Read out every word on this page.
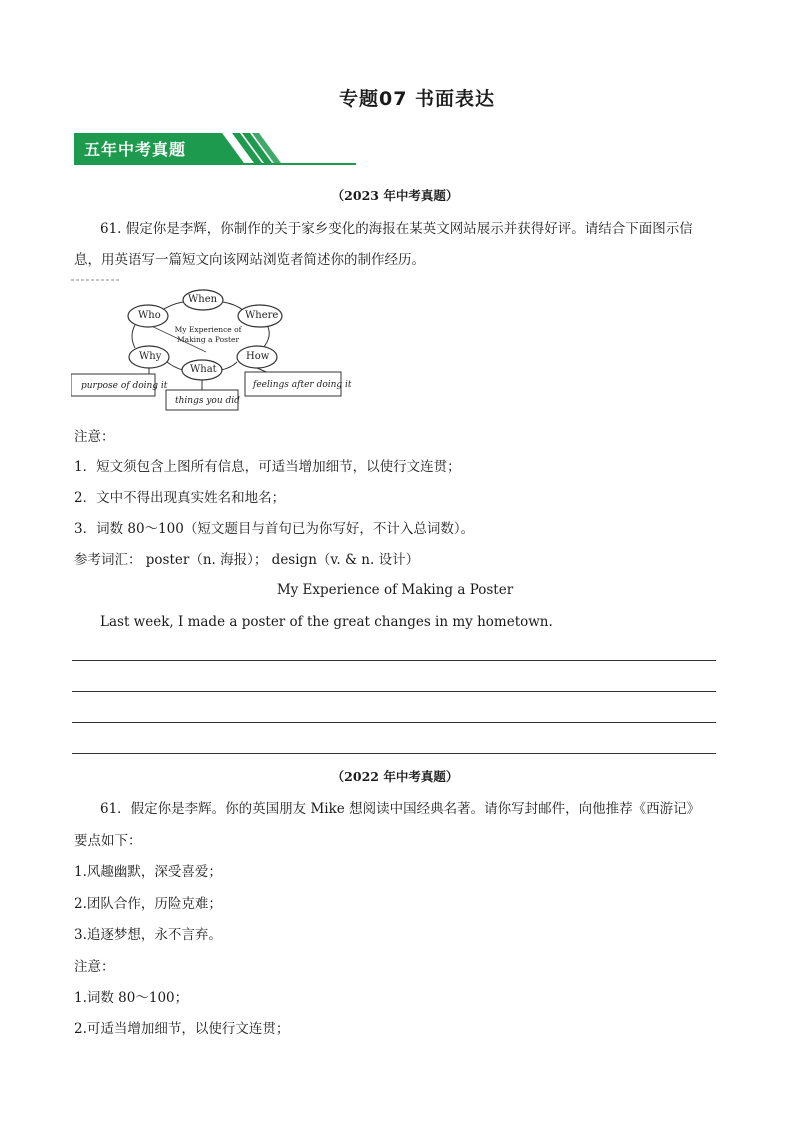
专题07 书面表达
五年中考真题
（2023 年中考真题）
61. 假定你是李辉，你制作的关于家乡变化的海报在某英文网站展示并获得好评。请结合下面图示信
息，用英语写一篇短文向该网站浏览者简述你的制作经历。
When
Who	Where
Why	How
What
My Experience of
Making a Poster
purpose of doing it
things you did
feelings after doing it
注意：
1．短文须包含上图所有信息，可适当增加细节，以使行文连贯；
2．文中不得出现真实姓名和地名；
3．词数 80～100（短文题目与首句已为你写好，不计入总词数）。
参考词汇： poster（n. 海报）； design（v. & n. 设计）
My Experience of Making a Poster
Last week, I made a poster of the great changes in my hometown.
（2022 年中考真题）
61．假定你是李辉。你的英国朋友 Mike 想阅读中国经典名著。请你写封邮件，向他推荐《西游记》
要点如下：
1.风趣幽默，深受喜爱；
2.团队合作，历险克难；
3.追逐梦想，永不言弃。
注意：
1.词数 80～100；
2.可适当增加细节，以使行文连贯；
